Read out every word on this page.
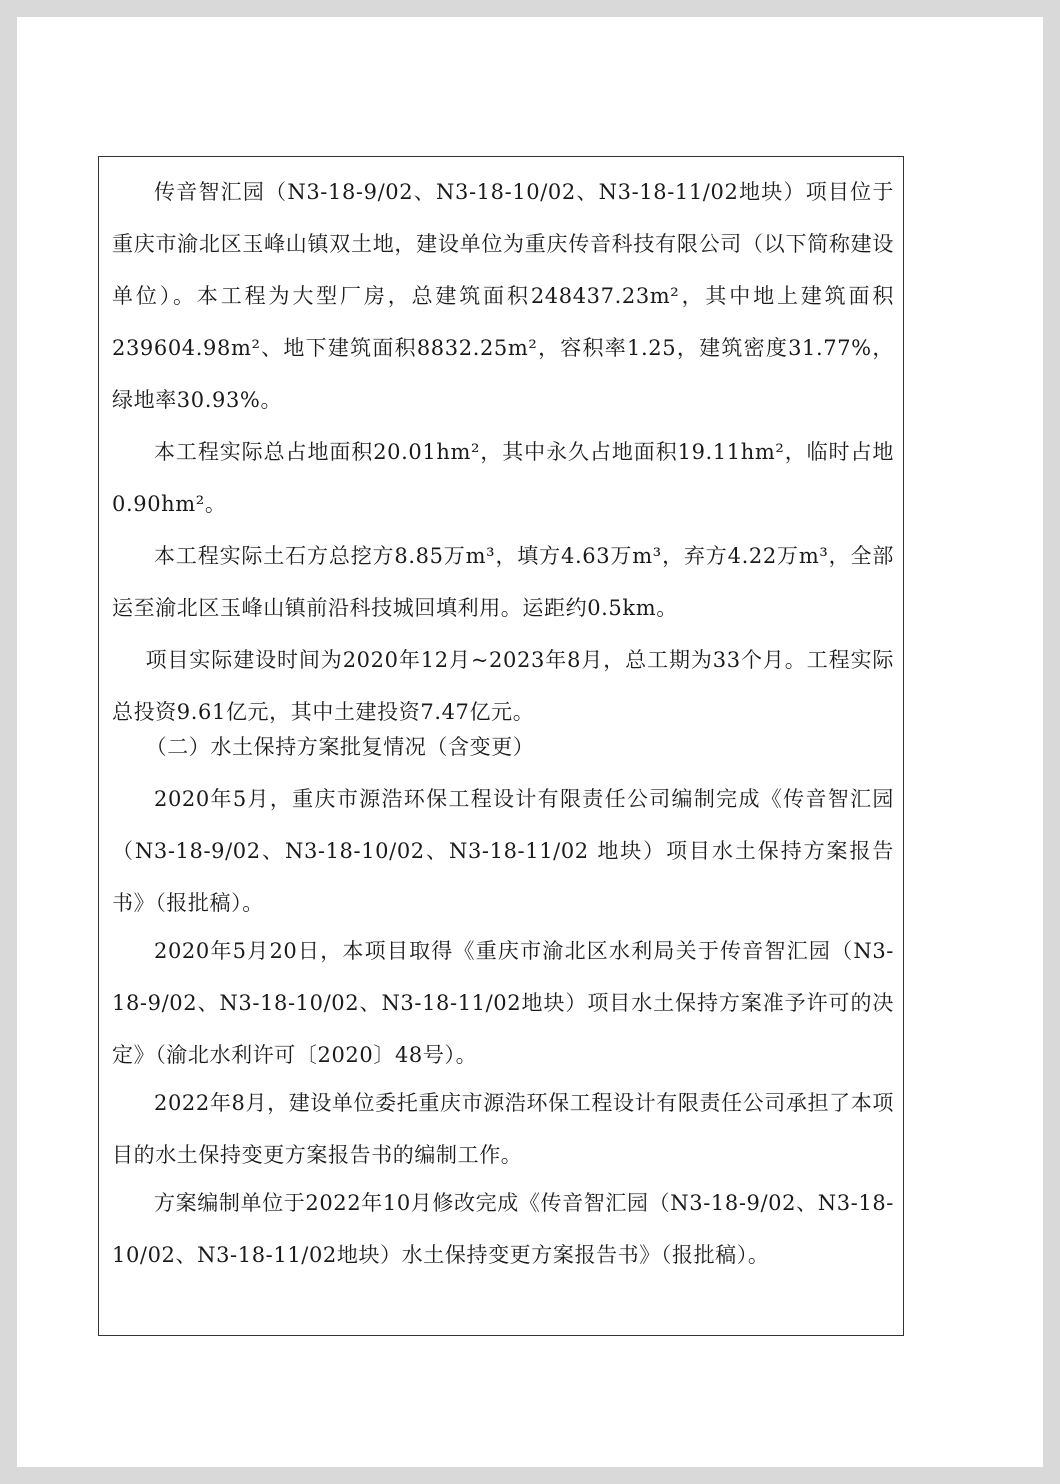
传音智汇园（N3-18-9/02、N3-18-10/02、N3-18-11/02地块）项目位于重庆市渝北区玉峰山镇双土地，建设单位为重庆传音科技有限公司（以下简称建设单位）。本工程为大型厂房，总建筑面积248437.23m²，其中地上建筑面积239604.98m²、地下建筑面积8832.25m²，容积率1.25，建筑密度31.77%，绿地率30.93%。

本工程实际总占地面积20.01hm²，其中永久占地面积19.11hm²，临时占地0.90hm²。

本工程实际土石方总挖方8.85万m³，填方4.63万m³，弃方4.22万m³，全部运至渝北区玉峰山镇前沿科技城回填利用。运距约0.5km。

项目实际建设时间为2020年12月~2023年8月，总工期为33个月。工程实际总投资9.61亿元，其中土建投资7.47亿元。

（二）水土保持方案批复情况（含变更）

2020年5月，重庆市源浩环保工程设计有限责任公司编制完成《传音智汇园（N3-18-9/02、N3-18-10/02、N3-18-11/02 地块）项目水土保持方案报告书》（报批稿）。

2020年5月20日，本项目取得《重庆市渝北区水利局关于传音智汇园（N3-18-9/02、N3-18-10/02、N3-18-11/02地块）项目水土保持方案准予许可的决定》（渝北水利许可〔2020〕48号）。

2022年8月，建设单位委托重庆市源浩环保工程设计有限责任公司承担了本项目的水土保持变更方案报告书的编制工作。

方案编制单位于2022年10月修改完成《传音智汇园（N3-18-9/02、N3-18-10/02、N3-18-11/02地块）水土保持变更方案报告书》（报批稿）。
